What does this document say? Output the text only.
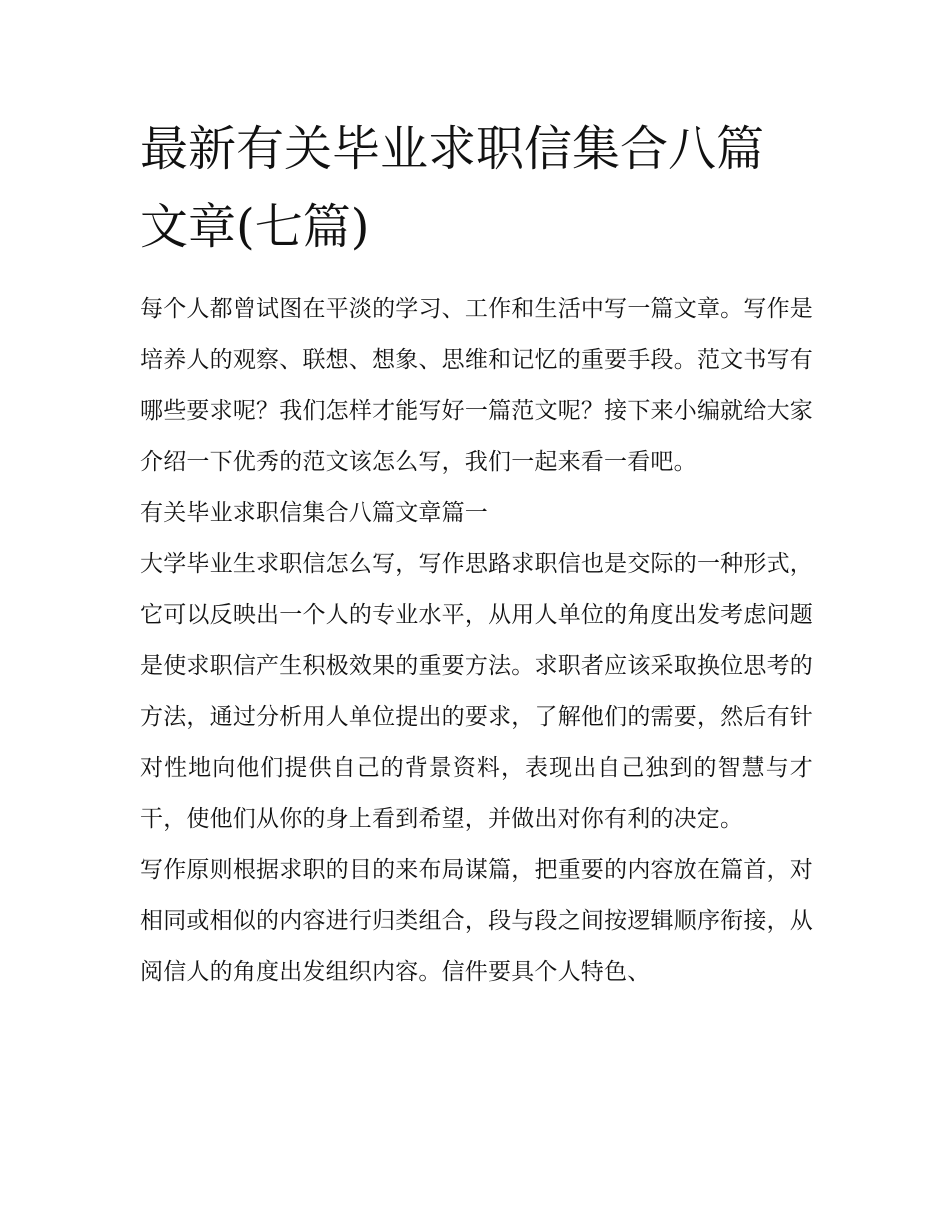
最新有关毕业求职信集合八篇
文章(七篇)

每个人都曾试图在平淡的学习、工作和生活中写一篇文章。写作是培养人的观察、联想、想象、思维和记忆的重要手段。范文书写有哪些要求呢？我们怎样才能写好一篇范文呢？接下来小编就给大家介绍一下优秀的范文该怎么写，我们一起来看一看吧。

有关毕业求职信集合八篇文章篇一

大学毕业生求职信怎么写，写作思路求职信也是交际的一种形式，它可以反映出一个人的专业水平，从用人单位的角度出发考虑问题是使求职信产生积极效果的重要方法。求职者应该采取换位思考的方法，通过分析用人单位提出的要求，了解他们的需要，然后有针对性地向他们提供自己的背景资料，表现出自己独到的智慧与才干，使他们从你的身上看到希望，并做出对你有利的决定。

写作原则根据求职的目的来布局谋篇，把重要的内容放在篇首，对相同或相似的内容进行归类组合，段与段之间按逻辑顺序衔接，从阅信人的角度出发组织内容。信件要具个人特色、
